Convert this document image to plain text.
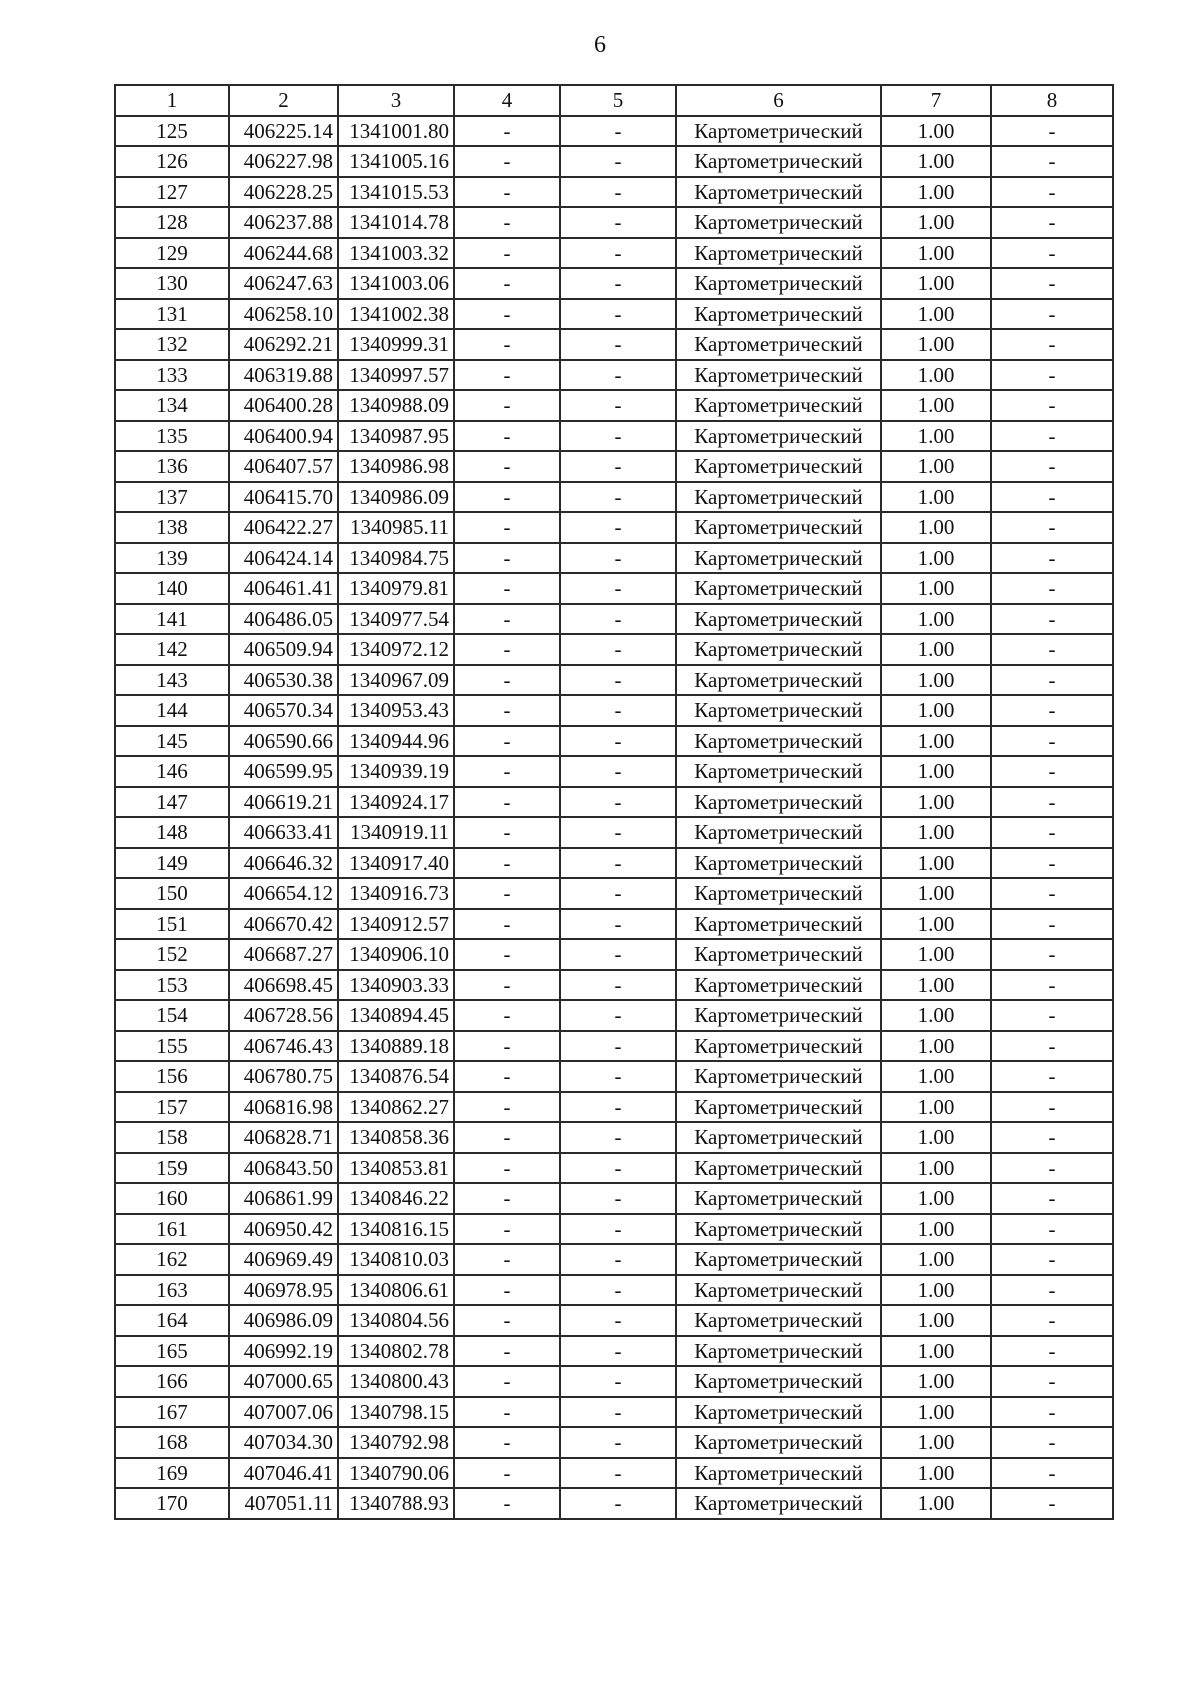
6
1	2	3	4	5	6	7	8
125	406225.14	1341001.80	-	-	Картометрический	1.00	-
126	406227.98	1341005.16	-	-	Картометрический	1.00	-
127	406228.25	1341015.53	-	-	Картометрический	1.00	-
128	406237.88	1341014.78	-	-	Картометрический	1.00	-
129	406244.68	1341003.32	-	-	Картометрический	1.00	-
130	406247.63	1341003.06	-	-	Картометрический	1.00	-
131	406258.10	1341002.38	-	-	Картометрический	1.00	-
132	406292.21	1340999.31	-	-	Картометрический	1.00	-
133	406319.88	1340997.57	-	-	Картометрический	1.00	-
134	406400.28	1340988.09	-	-	Картометрический	1.00	-
135	406400.94	1340987.95	-	-	Картометрический	1.00	-
136	406407.57	1340986.98	-	-	Картометрический	1.00	-
137	406415.70	1340986.09	-	-	Картометрический	1.00	-
138	406422.27	1340985.11	-	-	Картометрический	1.00	-
139	406424.14	1340984.75	-	-	Картометрический	1.00	-
140	406461.41	1340979.81	-	-	Картометрический	1.00	-
141	406486.05	1340977.54	-	-	Картометрический	1.00	-
142	406509.94	1340972.12	-	-	Картометрический	1.00	-
143	406530.38	1340967.09	-	-	Картометрический	1.00	-
144	406570.34	1340953.43	-	-	Картометрический	1.00	-
145	406590.66	1340944.96	-	-	Картометрический	1.00	-
146	406599.95	1340939.19	-	-	Картометрический	1.00	-
147	406619.21	1340924.17	-	-	Картометрический	1.00	-
148	406633.41	1340919.11	-	-	Картометрический	1.00	-
149	406646.32	1340917.40	-	-	Картометрический	1.00	-
150	406654.12	1340916.73	-	-	Картометрический	1.00	-
151	406670.42	1340912.57	-	-	Картометрический	1.00	-
152	406687.27	1340906.10	-	-	Картометрический	1.00	-
153	406698.45	1340903.33	-	-	Картометрический	1.00	-
154	406728.56	1340894.45	-	-	Картометрический	1.00	-
155	406746.43	1340889.18	-	-	Картометрический	1.00	-
156	406780.75	1340876.54	-	-	Картометрический	1.00	-
157	406816.98	1340862.27	-	-	Картометрический	1.00	-
158	406828.71	1340858.36	-	-	Картометрический	1.00	-
159	406843.50	1340853.81	-	-	Картометрический	1.00	-
160	406861.99	1340846.22	-	-	Картометрический	1.00	-
161	406950.42	1340816.15	-	-	Картометрический	1.00	-
162	406969.49	1340810.03	-	-	Картометрический	1.00	-
163	406978.95	1340806.61	-	-	Картометрический	1.00	-
164	406986.09	1340804.56	-	-	Картометрический	1.00	-
165	406992.19	1340802.78	-	-	Картометрический	1.00	-
166	407000.65	1340800.43	-	-	Картометрический	1.00	-
167	407007.06	1340798.15	-	-	Картометрический	1.00	-
168	407034.30	1340792.98	-	-	Картометрический	1.00	-
169	407046.41	1340790.06	-	-	Картометрический	1.00	-
170	407051.11	1340788.93	-	-	Картометрический	1.00	-
